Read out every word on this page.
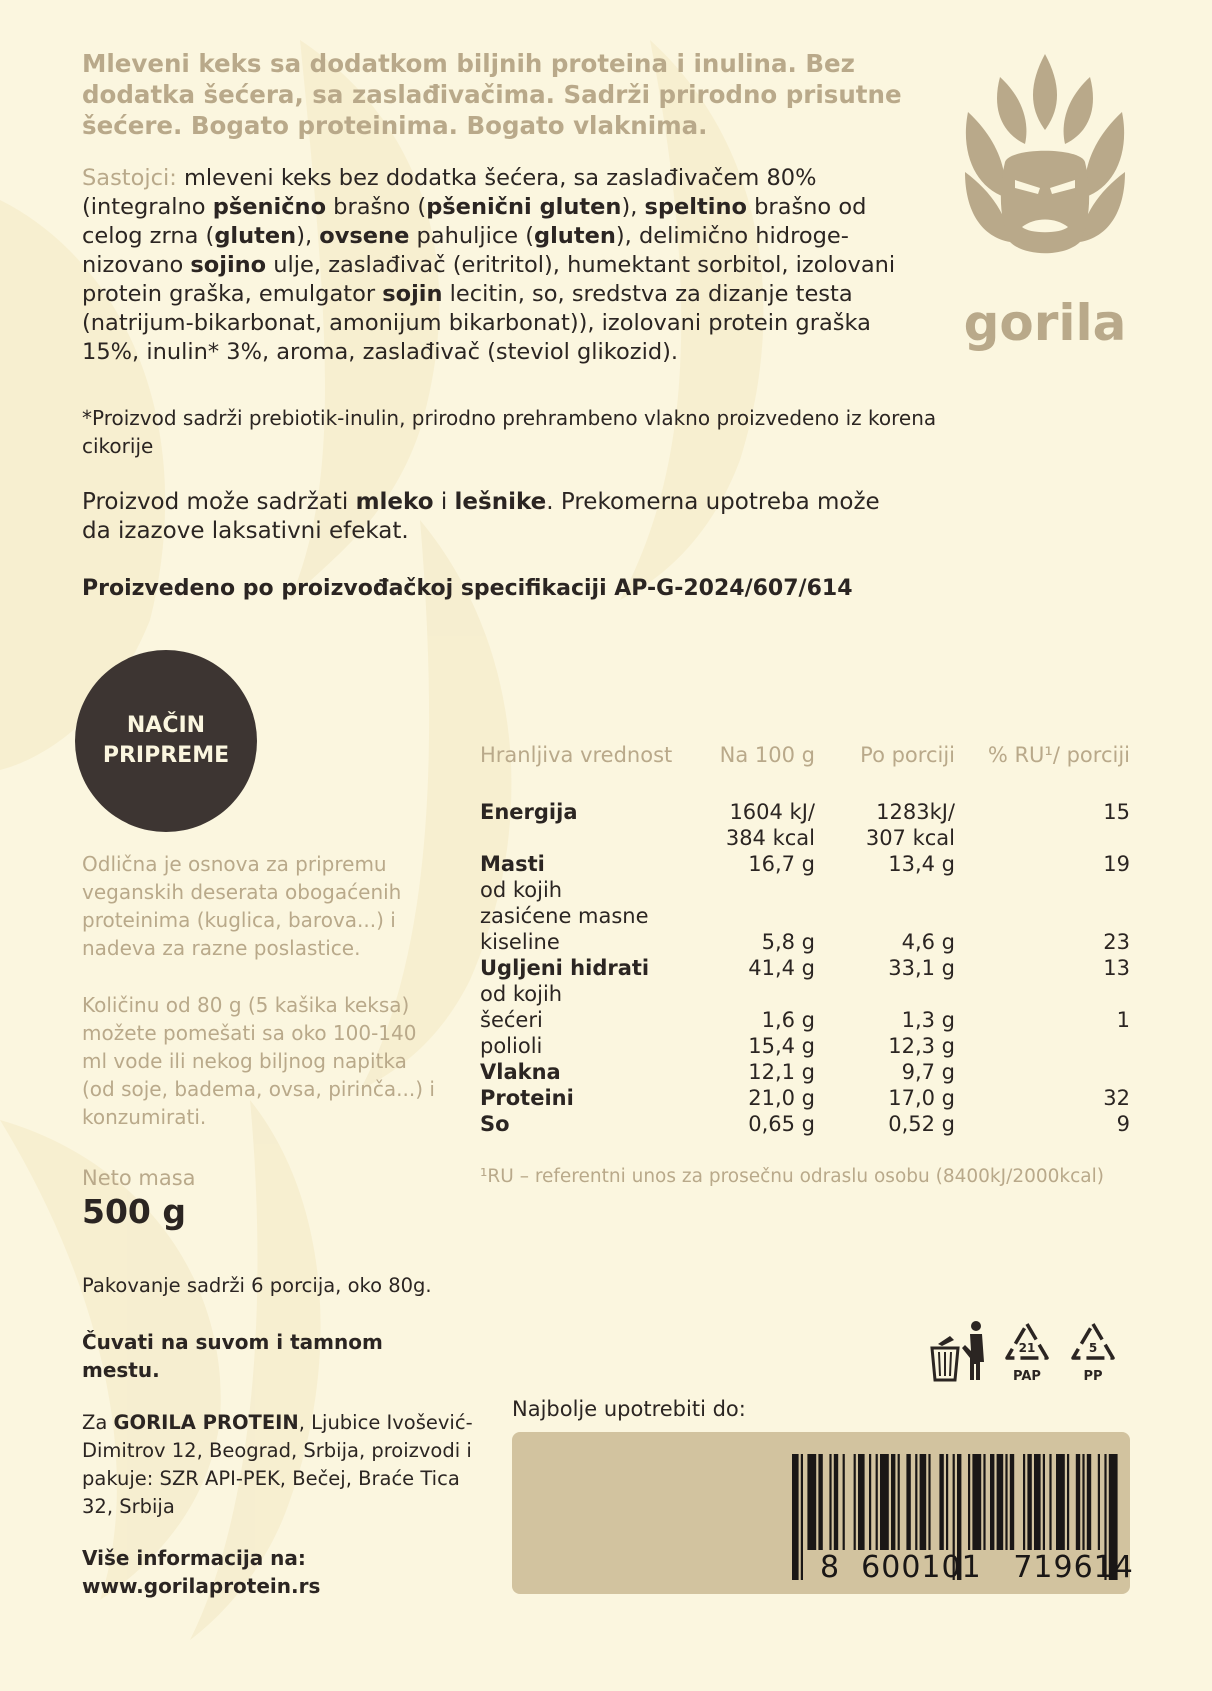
Mleveni keks sa dodatkom biljnih proteina i inulina. Bez dodatka šećera, sa zaslađivačima. Sadrži prirodno prisutne šećere. Bogato proteinima. Bogato vlaknima.
Sastojci: mleveni keks bez dodatka šećera, sa zaslađivačem 80% (integralno pšenično brašno (pšenični gluten), speltino brašno od celog zrna (gluten), ovsene pahuljice (gluten), delimično hidroge-nizovano sojino ulje, zaslađivač (eritritol), humektant sorbitol, izolovani protein graška, emulgator sojin lecitin, so, sredstva za dizanje testa (natrijum-bikarbonat, amonijum bikarbonat)), izolovani protein graška 15%, inulin* 3%, aroma, zaslađivač (steviol glikozid).
*Proizvod sadrži prebiotik-inulin, prirodno prehrambeno vlakno proizvedeno iz korena cikorije
Proizvod može sadržati mleko i lešnike. Prekomerna upotreba može da izazove laksativni efekat.
Proizvedeno po proizvođačkoj specifikaciji AP-G-2024/607/614
gorila
NAČIN
PRIPREME

Odlična je osnova za pripremu veganskih deserata obogaćenih proteinima (kuglica, barova...) i nadeva za razne poslastice.

Količinu od 80 g (5 kašika keksa) možete pomešati sa oko 100-140 ml vode ili nekog biljnog napitka (od soje, badema, ovsa, pirinča...) i konzumirati.

Neto masa
500 g
Pakovanje sadrži 6 porcija, oko 80g.
Čuvati na suvom i tamnom mestu.
Za GORILA PROTEIN, Ljubice Ivošević-Dimitrov 12, Beograd, Srbija, proizvodi i pakuje: SZR API-PEK, Bečej, Braće Tica 32, Srbija
Više informacija na:
www.gorilaprotein.rs
Hranljiva vrednost	Na 100 g	Po porciji	% RU¹/ porciji

Energija	1604 kJ/	1283kJ/	15
	384 kcal	307 kcal	
Masti	16,7 g	13,4 g	19
od kojih			
zasićene masne			
kiseline	5,8 g	4,6 g	23
Ugljeni hidrati	41,4 g	33,1 g	13
od kojih			
šećeri	1,6 g	1,3 g	1
polioli	15,4 g	12,3 g	
Vlakna	12,1 g	9,7 g	
Proteini	21,0 g	17,0 g	32
So	0,65 g	0,52 g	9
¹RU – referentni unos za prosečnu odraslu osobu (8400kJ/2000kcal)
21
PAP
5
PP
Najbolje upotrebiti do:
8 600101 719614
